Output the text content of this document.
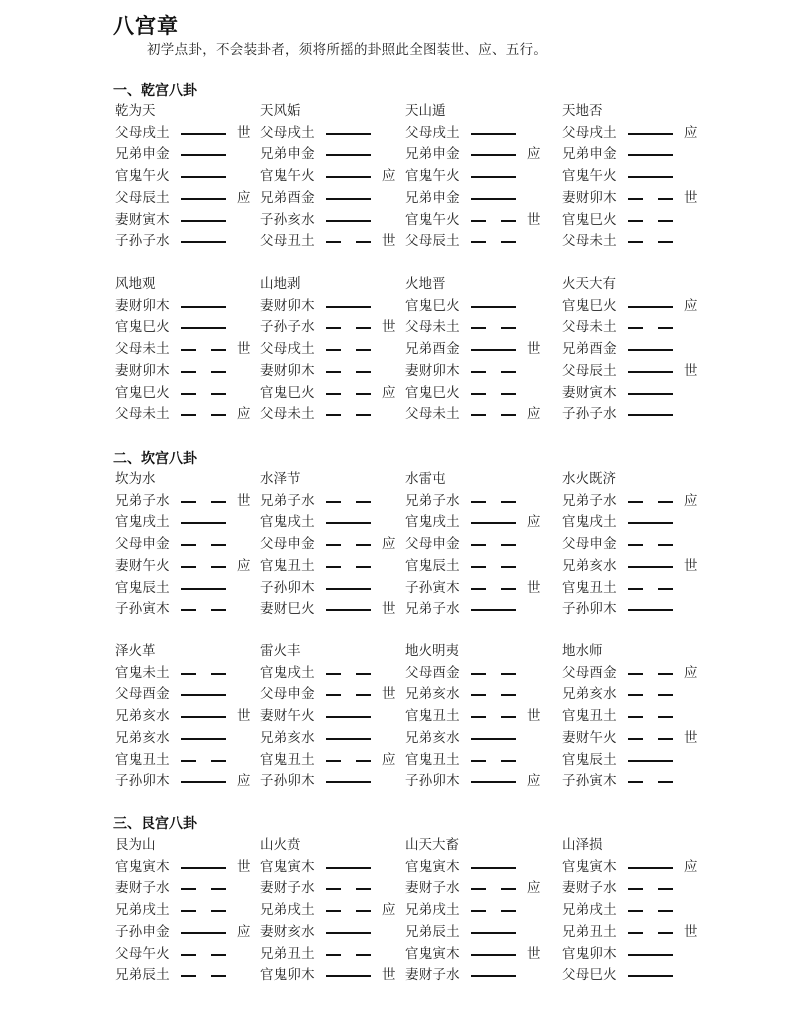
八宫章
初学点卦，不会装卦者，须将所摇的卦照此全图装世、应、五行。
一、乾宫八卦
乾为天
父母戌土	世
兄弟申金
官鬼午火
父母辰土	应
妻财寅木
子孙子水
天风姤
父母戌土
兄弟申金
官鬼午火	应
兄弟酉金
子孙亥水
父母丑土	世
天山遁
父母戌土
兄弟申金	应
官鬼午火
兄弟申金
官鬼午火	世
父母辰土
天地否
父母戌土	应
兄弟申金
官鬼午火
妻财卯木	世
官鬼巳火
父母未土
风地观
妻财卯木
官鬼巳火
父母未土	世
妻财卯木
官鬼巳火
父母未土	应
山地剥
妻财卯木
子孙子水	世
父母戌土
妻财卯木
官鬼巳火	应
父母未土
火地晋
官鬼巳火
父母未土
兄弟酉金	世
妻财卯木
官鬼巳火
父母未土	应
火天大有
官鬼巳火	应
父母未土
兄弟酉金
父母辰土	世
妻财寅木
子孙子水
二、坎宫八卦
坎为水
兄弟子水	世
官鬼戌土
父母申金
妻财午火	应
官鬼辰土
子孙寅木
水泽节
兄弟子水
官鬼戌土
父母申金	应
官鬼丑土
子孙卯木
妻财巳火	世
水雷屯
兄弟子水
官鬼戌土	应
父母申金
官鬼辰土
子孙寅木	世
兄弟子水
水火既济
兄弟子水	应
官鬼戌土
父母申金
兄弟亥水	世
官鬼丑土
子孙卯木
泽火革
官鬼未土
父母酉金
兄弟亥水	世
兄弟亥水
官鬼丑土
子孙卯木	应
雷火丰
官鬼戌土
父母申金	世
妻财午火
兄弟亥水
官鬼丑土	应
子孙卯木
地火明夷
父母酉金
兄弟亥水
官鬼丑土	世
兄弟亥水
官鬼丑土
子孙卯木	应
地水师
父母酉金	应
兄弟亥水
官鬼丑土
妻财午火	世
官鬼辰土
子孙寅木
三、艮宫八卦
艮为山
官鬼寅木	世
妻财子水
兄弟戌土
子孙申金	应
父母午火
兄弟辰土
山火贲
官鬼寅木
妻财子水
兄弟戌土	应
妻财亥水
兄弟丑土
官鬼卯木	世
山天大畜
官鬼寅木
妻财子水	应
兄弟戌土
兄弟辰土
官鬼寅木	世
妻财子水
山泽损
官鬼寅木	应
妻财子水
兄弟戌土
兄弟丑土	世
官鬼卯木
父母巳火
